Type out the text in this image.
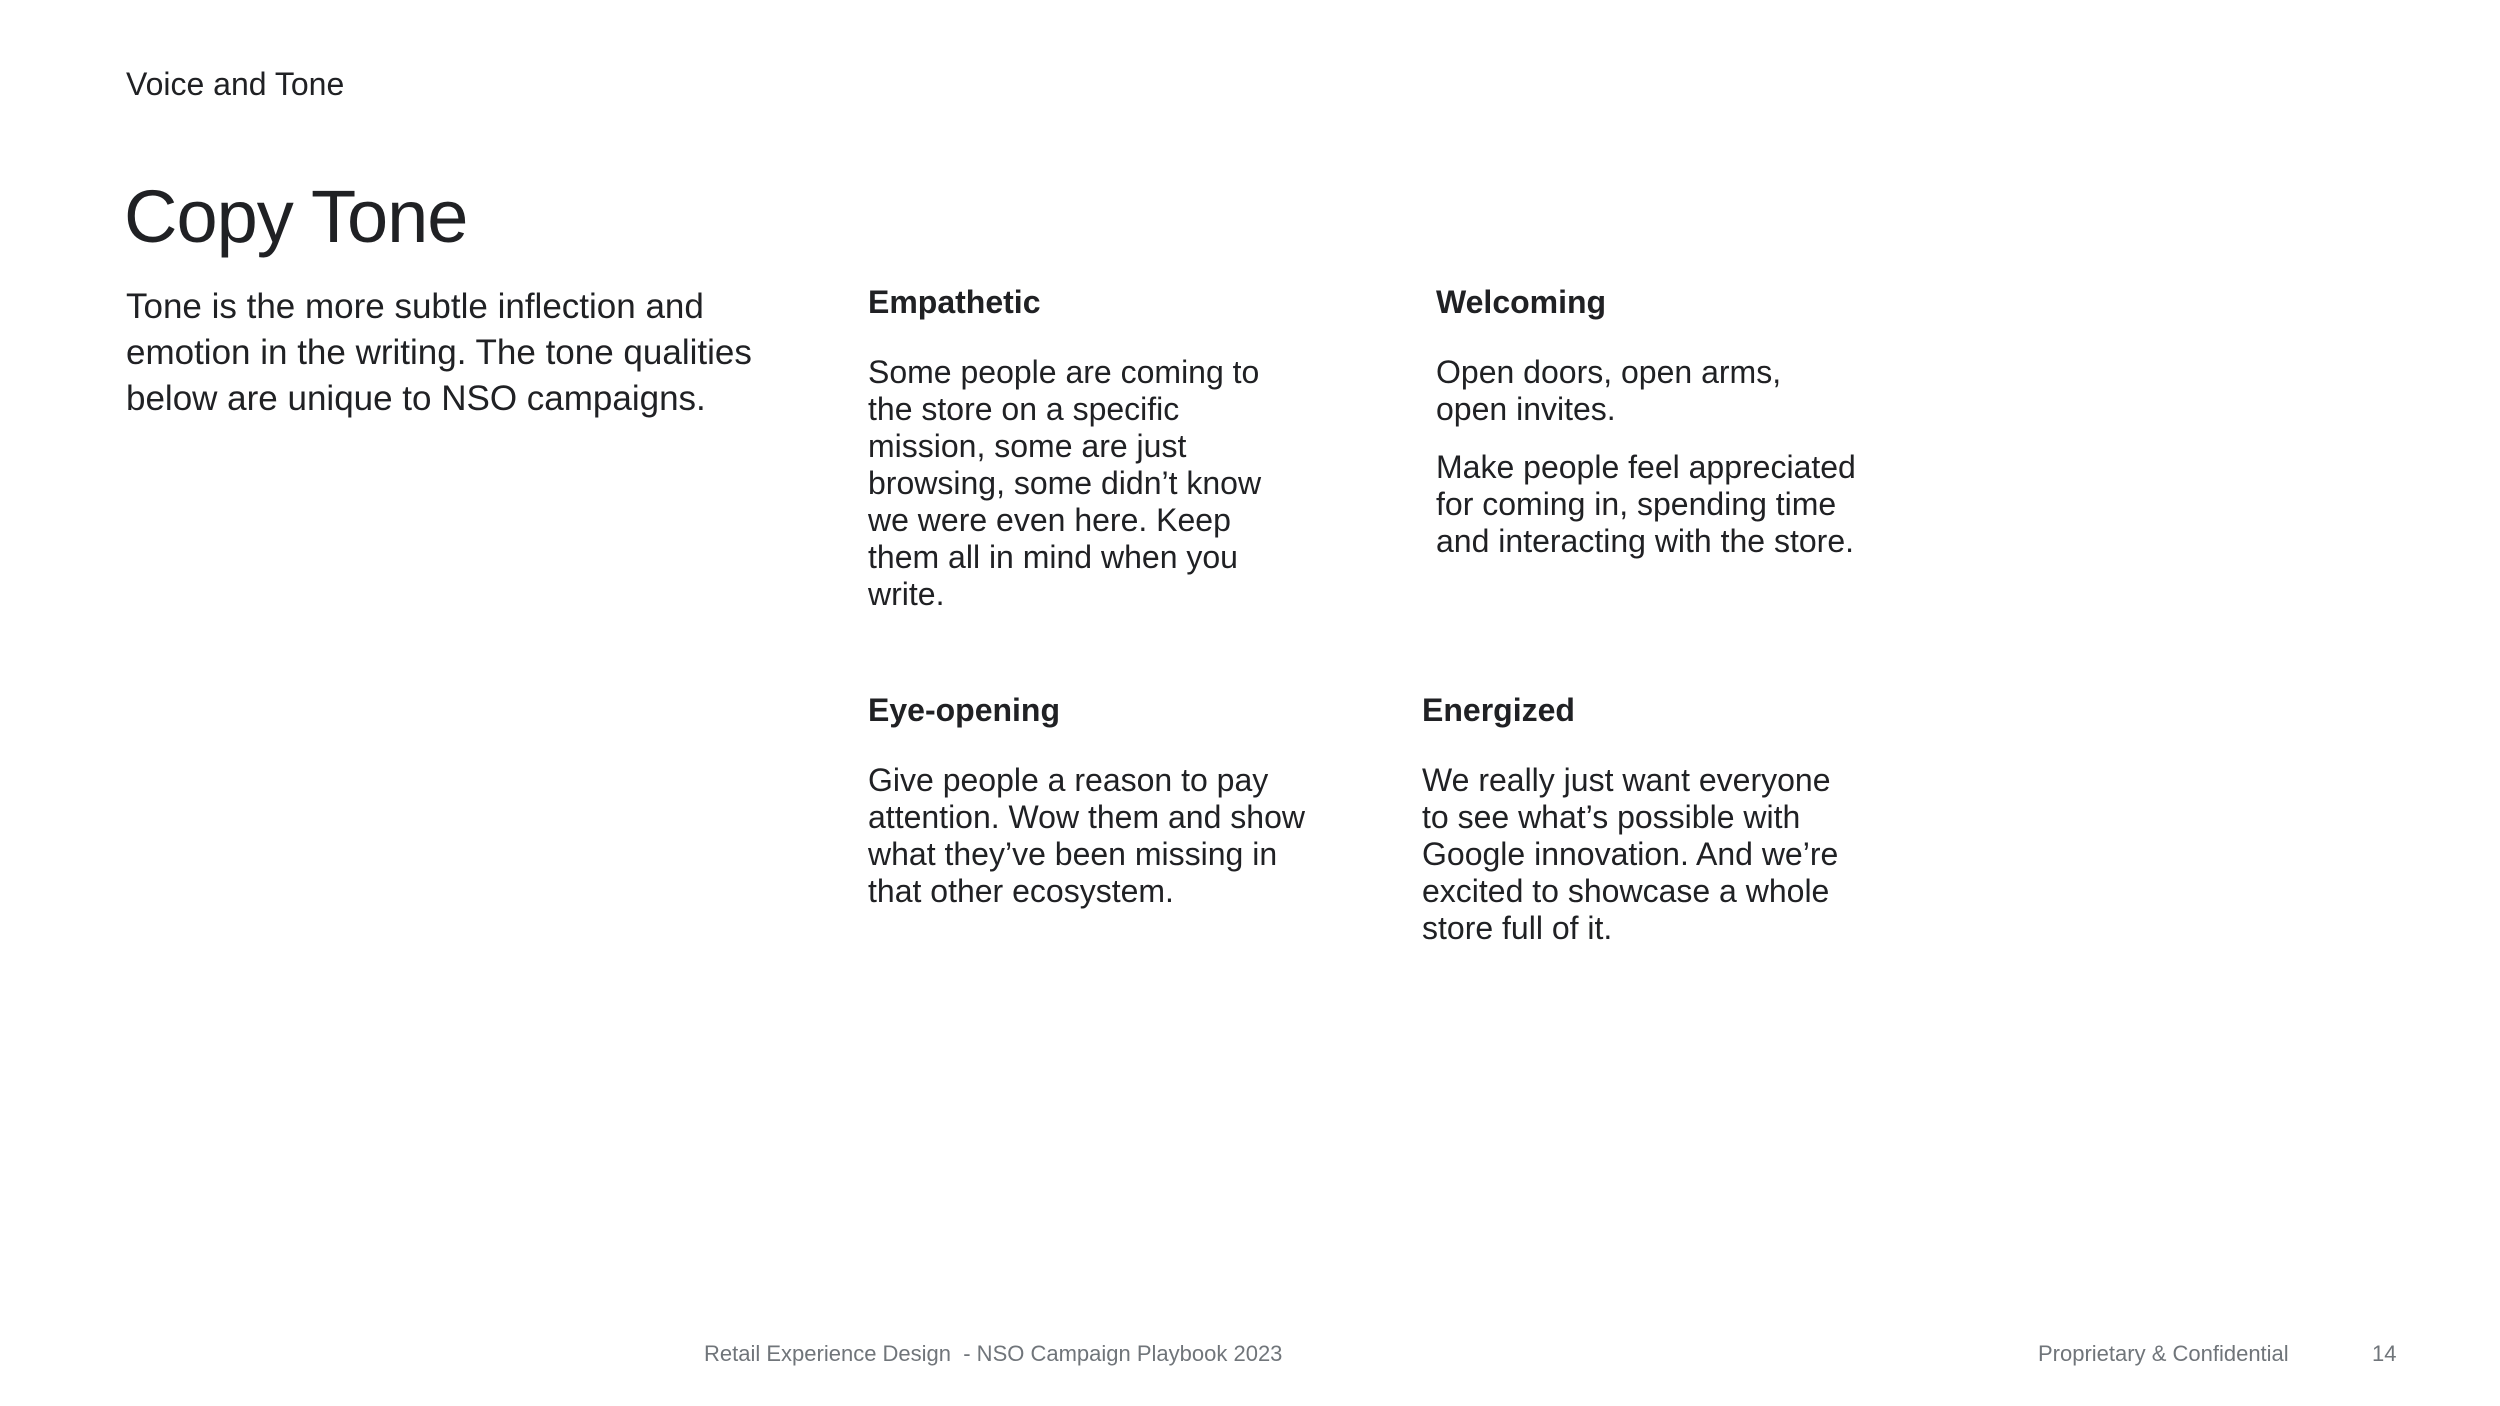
Voice and Tone
Copy Tone

Tone is the more subtle inflection and emotion in the writing. The tone qualities below are unique to NSO campaigns.

Empathetic

Some people are coming to the store on a specific mission, some are just browsing, some didn’t know we were even here. Keep them all in mind when you write.

Welcoming

Open doors, open arms, open invites.

Make people feel appreciated for coming in, spending time and interacting with the store.

Eye-opening

Give people a reason to pay attention. Wow them and show what they’ve been missing in that other ecosystem.

Energized

We really just want everyone to see what’s possible with Google innovation. And we’re excited to showcase a whole store full of it.

Retail Experience Design  - NSO Campaign Playbook 2023	Proprietary & Confidential	14
